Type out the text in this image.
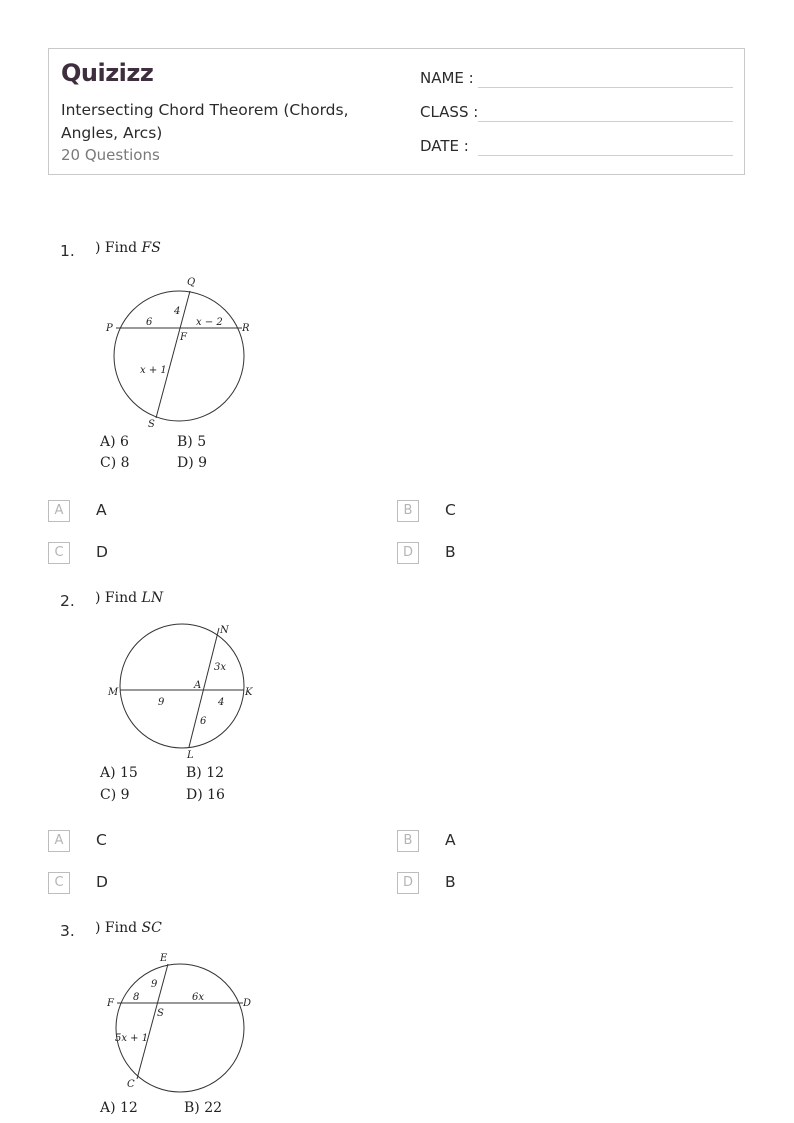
Quizizz
Intersecting Chord Theorem (Chords, Angles, Arcs)
20 Questions
NAME :
CLASS :
DATE :
1. ) Find FS
Q
P	R
S
F
4
6	x − 2
x + 1
A) 6	B) 5
C) 8	D) 9
A	A	B	C
C	D	D	B
2. ) Find LN
N
M	K
L
A
3x
9	4
6
A) 15	B) 12
C) 9	D) 16
A	C	B	A
C	D	D	B
3. ) Find SC
E
F	D
C
S
9
8	6x
5x + 1
A) 12	B) 22
